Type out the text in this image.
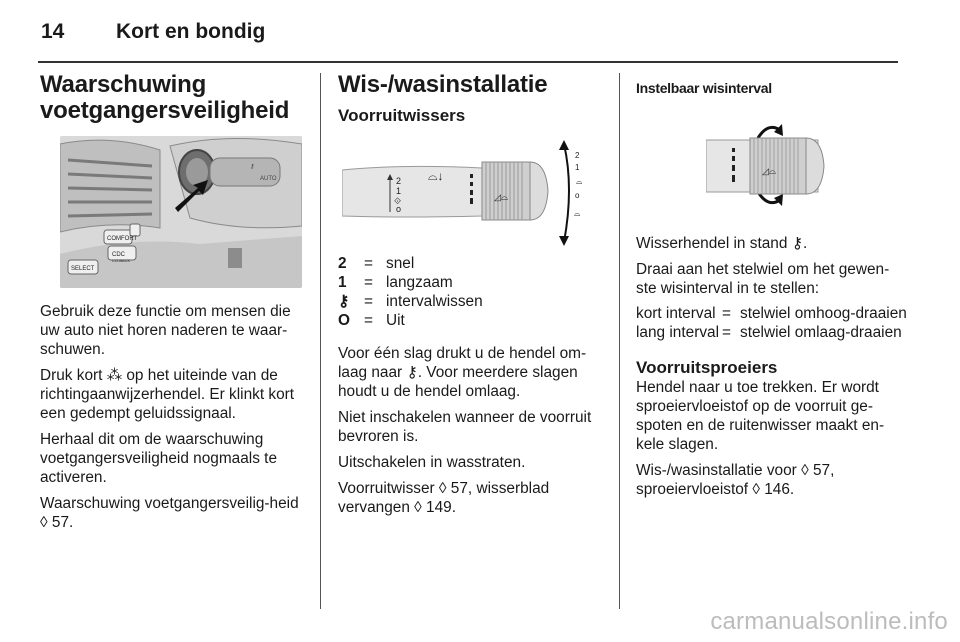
14 Kort en bondig
Waarschuwing voetgangersveiligheid
⚷
AUTO
COMFORT
CDC
CO-BACK
SELECT

Gebruik deze functie om mensen die uw auto niet horen naderen te waar-schuwen.

Druk kort ⁂ op het uiteinde van de richtingaanwijzerhendel. Er klinkt kort een gedempt geluidssignaal.

Herhaal dit om de waarschuwing voetgangersveiligheid nogmaals te activeren.

Waarschuwing voetgangersveilig-heid ◊ 57.

Wis-/wasinstallatie
Voorruitwissers
2
1
⟐
o
⌓↓
◿⌓
2
1
⌓
o
⌓
2	= snel
1	= langzaam
⚷ = intervalwissen
O = Uit

Voor één slag drukt u de hendel om-laag naar ⚷. Voor meerdere slagen houdt u de hendel omlaag.

Niet inschakelen wanneer de voorruit bevroren is.

Uitschakelen in wasstraten.

Voorruitwisser ◊ 57, wisserblad vervangen ◊ 149.

Instelbaar wisinterval
◿⌓

Wisserhendel in stand ⚷.

Draai aan het stelwiel om het gewen-ste wisinterval in te stellen:

kort interval = stelwiel omhoog-draaien
lang interval = stelwiel omlaag-draaien
Voorruitsproeiers

Hendel naar u toe trekken. Er wordt sproeiervloeistof op de voorruit ge-spoten en de ruitenwisser maakt en-kele slagen.

Wis-/wasinstallatie voor ◊ 57, sproeiervloeistof ◊ 146.

carmanualsonline.info
